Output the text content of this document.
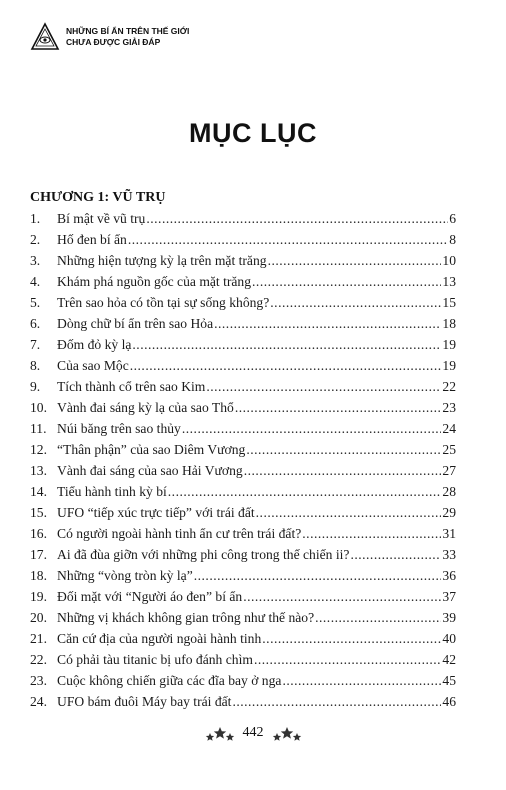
NHỮNG BÍ ẨN TRÊN THẾ GIỚI
CHƯA ĐƯỢC GIẢI ĐÁP
MỤC LỤC
CHƯƠNG 1: VŨ TRỤ
1.	Bí mật về vũ trụ .....	6
2.	Hố đen bí ẩn .....	8
3.	Những hiện tượng kỳ lạ trên mặt trăng .....	10
4.	Khám phá nguồn gốc của mặt trăng .....	13
5.	Trên sao hỏa có tồn tại sự sống không? .....	15
6.	Dòng chữ bí ẩn trên sao Hỏa .....	18
7.	Đốm đỏ kỳ lạ .....	19
8.	Của sao Mộc .....	19
9.	Tích thành cổ trên sao Kim .....	22
10. Vành đai sáng kỳ lạ của sao Thổ .....	23
11. Núi băng trên sao thủy .....	24
12. “Thân phận” của sao Diêm Vương .....	25
13. Vành đai sáng của sao Hải Vương .....	27
14. Tiểu hành tinh kỳ bí .....	28
15. UFO “tiếp xúc trực tiếp” với trái đất .....	29
16. Có người ngoài hành tinh ẩn cư trên trái đất? .....	31
17. Ai đã đùa giỡn với những phi công trong thế chiến ii? .....	33
18. Những “vòng tròn kỳ lạ” .....	36
19. Đối mặt với “Người áo đen” bí ẩn .....	37
20. Những vị khách không gian trông như thế nào? .....	39
21. Căn cứ địa của người ngoài hành tinh .....	40
22. Có phải tàu titanic bị ufo đánh chìm .....	42
23. Cuộc không chiến giữa các đĩa bay ở nga .....	45
24. UFO bám đuôi Máy bay trái đất .....	46
442
